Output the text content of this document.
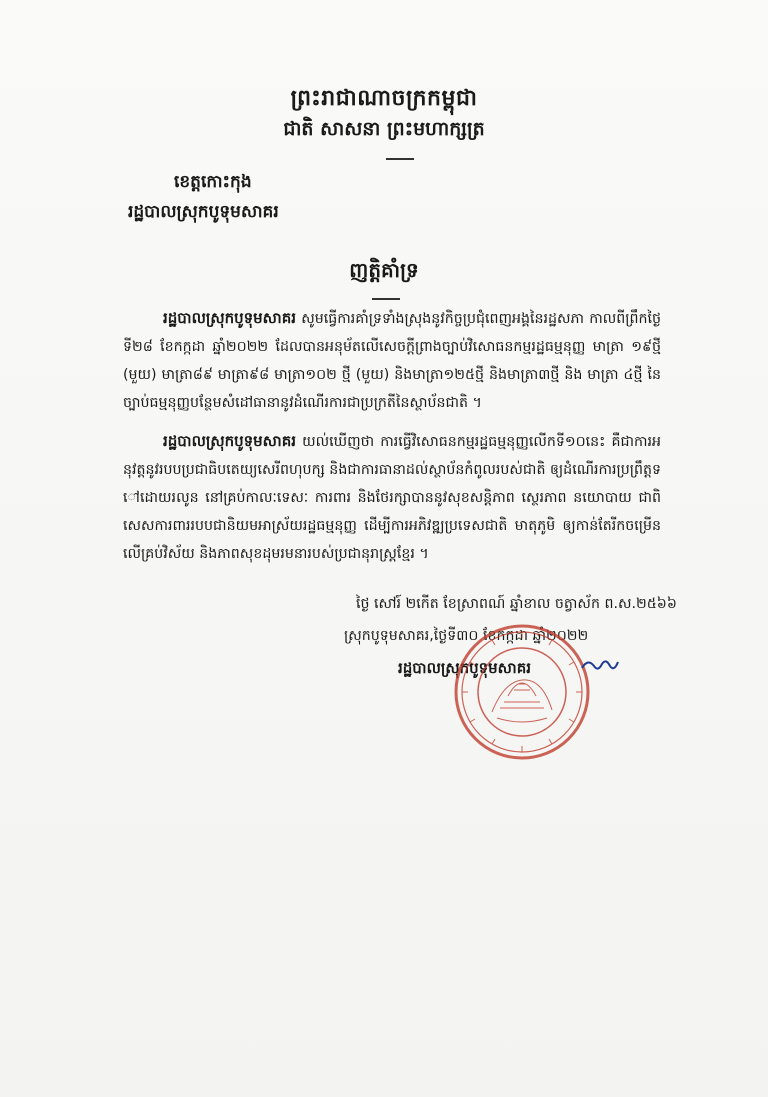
ព្រះរាជាណាចក្រកម្ពុជា
ជាតិ សាសនា ព្រះមហាក្សត្រ
ខេត្តកោះកុង
រដ្ឋបាលស្រុកបូទុមសាគរ
ញត្តិគាំទ្រ
រដ្ឋបាលស្រុកបូទុមសាគរ សូមធ្វើការគាំទ្រទាំងស្រុងនូវកិច្ចប្រជុំពេញអង្គនៃរដ្ឋសភា កាលពីព្រឹកថ្ងៃទី២៨ ខែកក្កដា ឆ្នាំ២០២២ ដែលបានអនុម័តលើសេចក្តីព្រាងច្បាប់វិសោធនកម្មរដ្ឋធម្មនុញ្ញ មាត្រា ១៩ថ្មី (មួយ) មាត្រា៨៩ មាត្រា៩៨ មាត្រា១០២ ថ្មី (មួយ) និងមាត្រា១២៥ថ្មី និងមាត្រា៣ថ្មី និង មាត្រា ៤ថ្មី នៃច្បាប់ធម្មនុញ្ញបន្ថែមសំដៅធានានូវដំណើរការជាប្រក្រតីនៃស្ថាប័នជាតិ ។
រដ្ឋបាលស្រុកបូទុមសាគរ យល់ឃើញថា ការធ្វើវិសោធនកម្មរដ្ឋធម្មនុញ្ញលើកទី១០នេះ គឺជាការអនុវត្តនូវរបបប្រជាធិបតេយ្យសេរីពហុបក្ស និងជាការធានាដល់ស្ថាប័នកំពូលរបស់ជាតិ ឲ្យដំណើរការប្រព្រឹត្តទៅដោយរលូន នៅគ្រប់កាលៈទេសៈ ការពារ និងថែរក្សាបាននូវសុខសន្តិភាព ស្ថេរភាព នយោបាយ ជាពិសេសការពាររបបជានិយមអាស្រ័យរដ្ឋធម្មនុញ្ញ ដើម្បីការអភិវឌ្ឍប្រទេសជាតិ មាតុភូមិ ឲ្យកាន់តែរីកចម្រើនលើគ្រប់វិស័យ និងភាពសុខដុមរមនារបស់ប្រជានុរាស្ត្រខ្មែរ ។
ថ្ងៃ សៅរ៍ ២កើត ខែស្រាពណ៍ ឆ្នាំខាល ចត្វាស័ក ព.ស.២៥៦៦
ស្រុកបូទុមសាគរ,ថ្ងៃទី៣០ ខែកក្កដា ឆ្នាំ២០២២
រដ្ឋបាលស្រុកបូទុមសាគរ
